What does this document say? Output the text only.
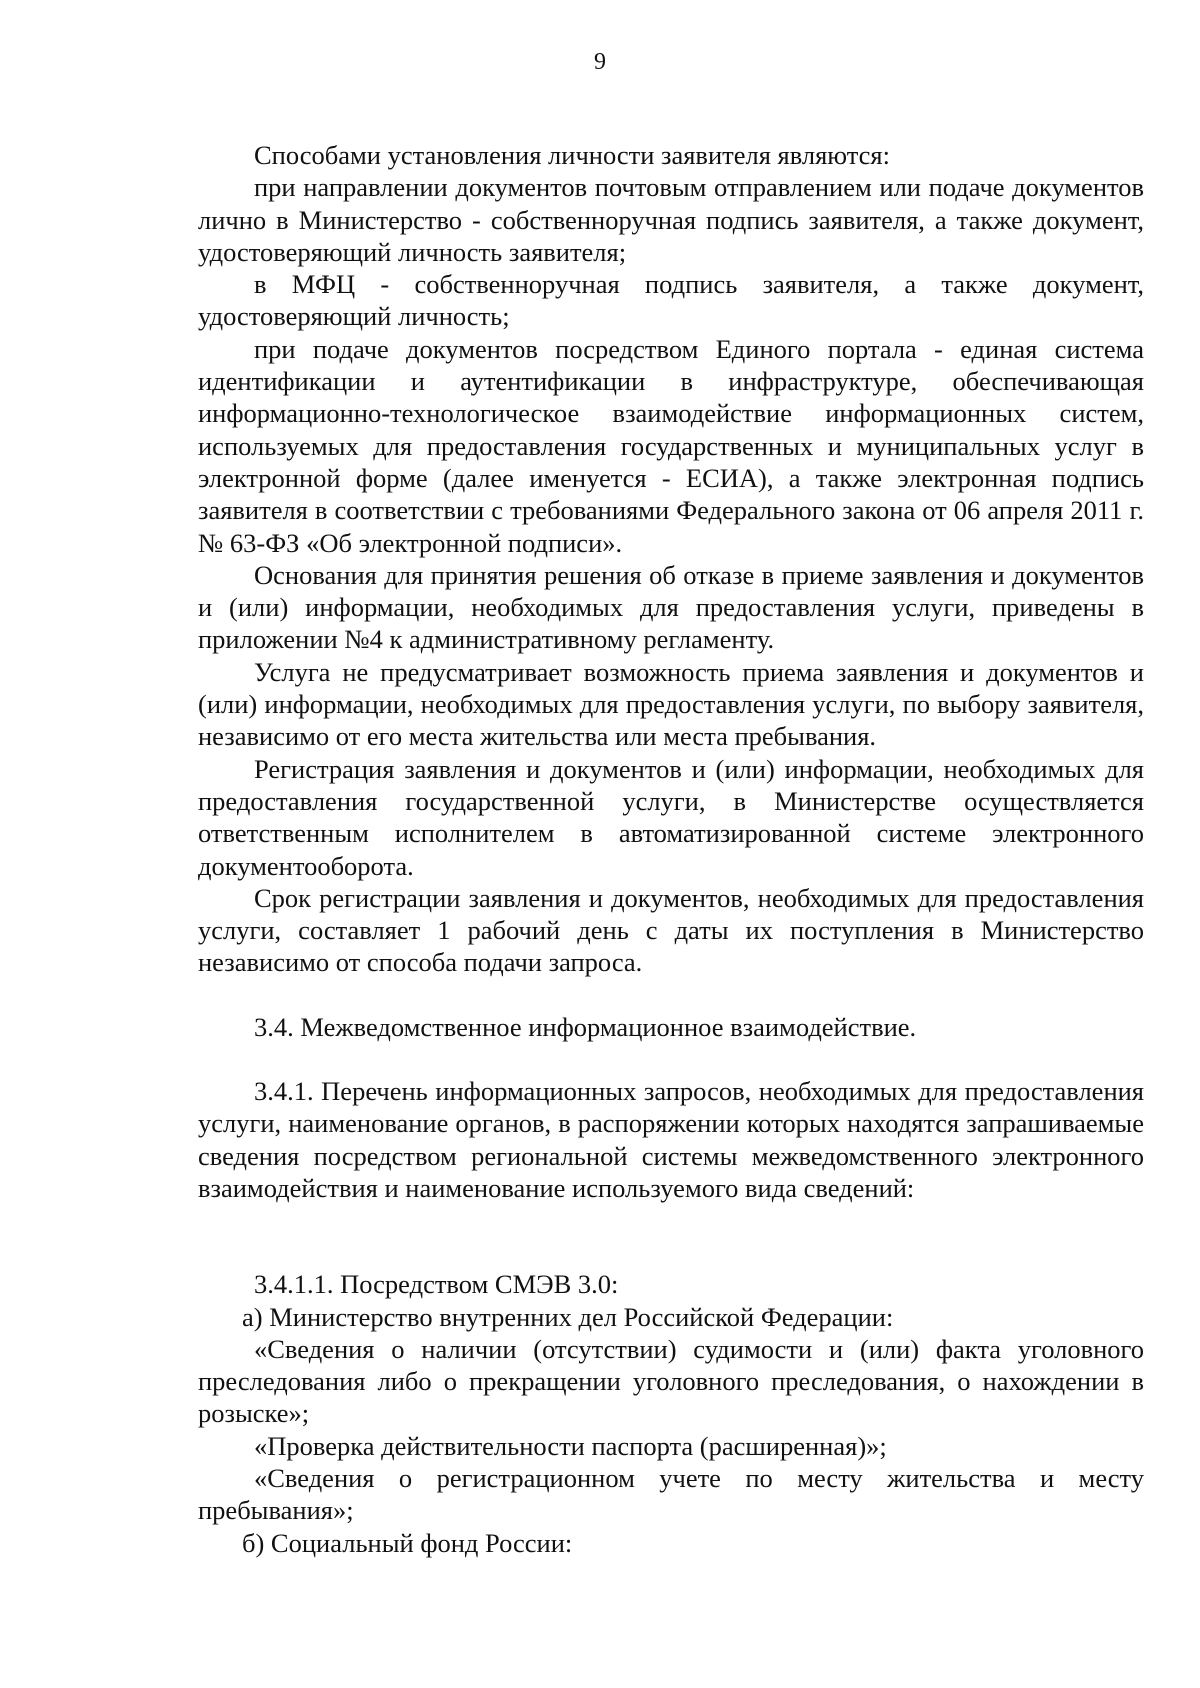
9

Способами установления личности заявителя являются:

при направлении документов почтовым отправлением или подаче документов лично в Министерство - собственноручная подпись заявителя, а также документ, удостоверяющий личность заявителя;

в МФЦ - собственноручная подпись заявителя, а также документ, удостоверяющий личность;

при подаче документов посредством Единого портала - единая система идентификации и аутентификации в инфраструктуре, обеспечивающая информационно-технологическое взаимодействие информационных систем, используемых для предоставления государственных и муниципальных услуг в электронной форме (далее именуется - ЕСИА), а также электронная подпись заявителя в соответствии с требованиями Федерального закона от 06 апреля 2011 г. № 63-ФЗ «Об электронной подписи».

Основания для принятия решения об отказе в приеме заявления и документов и (или) информации, необходимых для предоставления услуги, приведены в приложении №4 к административному регламенту.

Услуга не предусматривает возможность приема заявления и документов и (или) информации, необходимых для предоставления услуги, по выбору заявителя, независимо от его места жительства или места пребывания.

Регистрация заявления и документов и (или) информации, необходимых для предоставления государственной услуги, в Министерстве осуществляется ответственным исполнителем в автоматизированной системе электронного документооборота.

Срок регистрации заявления и документов, необходимых для предоставления услуги, составляет 1 рабочий день с даты их поступления в Министерство независимо от способа подачи запроса.

3.4. Межведомственное информационное взаимодействие.

3.4.1. Перечень информационных запросов, необходимых для предоставления услуги, наименование органов, в распоряжении которых находятся запрашиваемые сведения посредством региональной системы межведомственного электронного взаимодействия и наименование используемого вида сведений:

3.4.1.1. Посредством СМЭВ 3.0:

а) Министерство внутренних дел Российской Федерации:

«Сведения о наличии (отсутствии) судимости и (или) факта уголовного преследования либо о прекращении уголовного преследования, о нахождении в розыске»;

«Проверка действительности паспорта (расширенная)»;

«Сведения о регистрационном учете по месту жительства и месту пребывания»;

б) Социальный фонд России:
